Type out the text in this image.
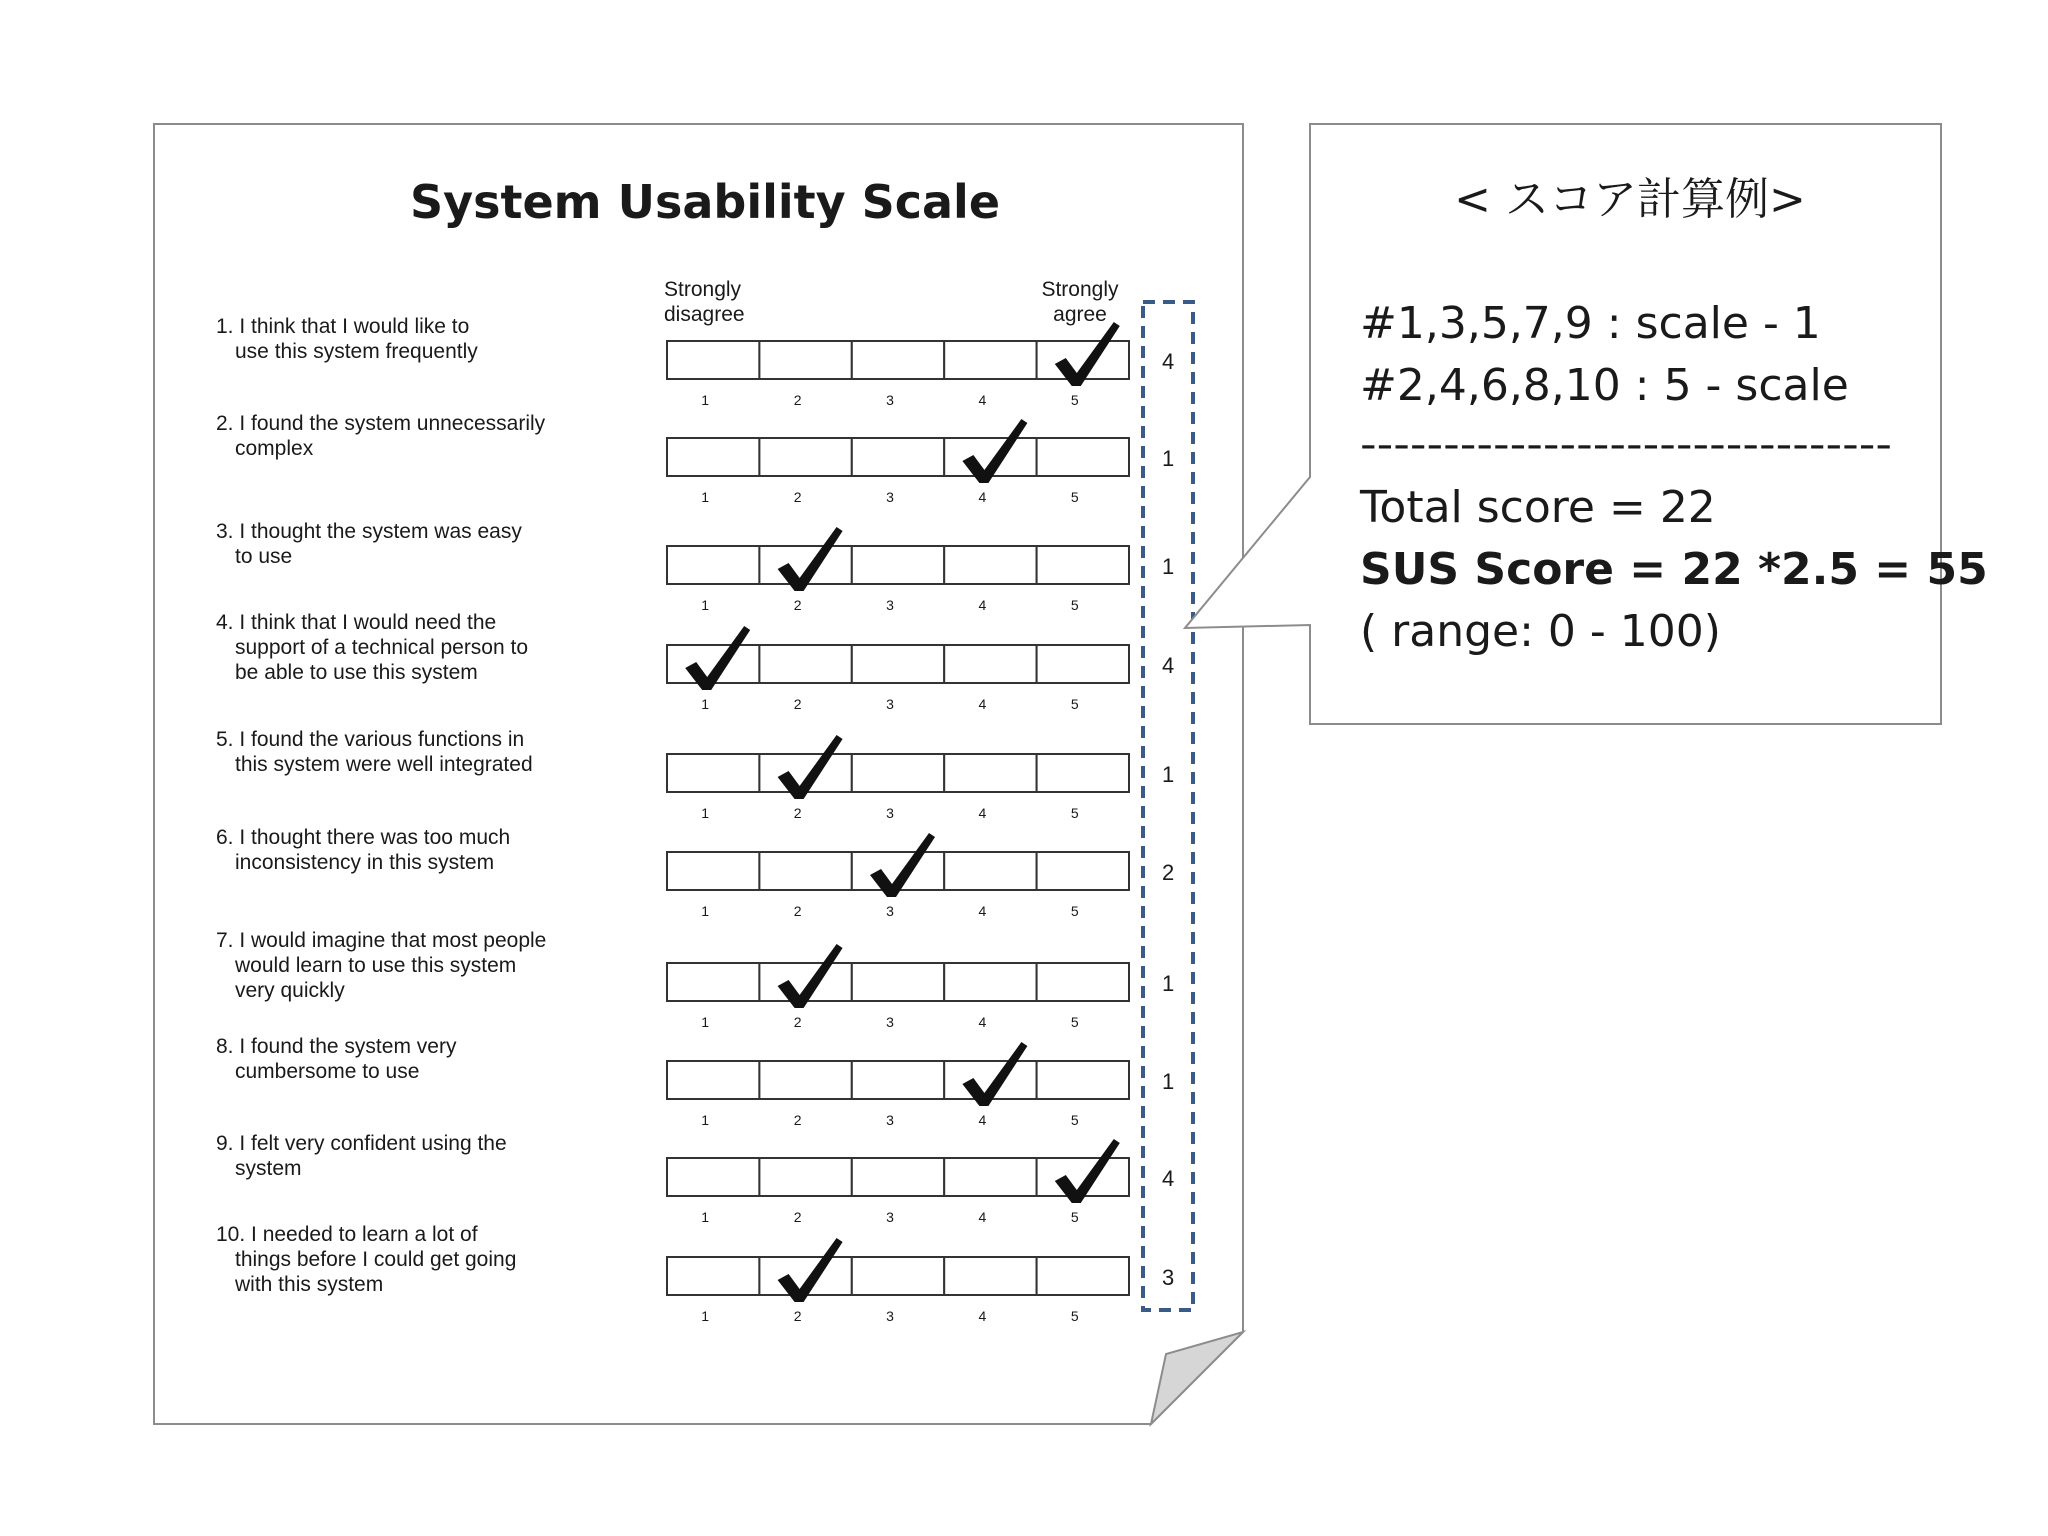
System Usability Scale
Strongly
disagree
Strongly
agree
1. I think that I would like to
use this system frequently
1	2	3	4	5
4
2. I found the system unnecessarily
complex
1	2	3	4	5
1
3. I thought the system was easy
to use
1	2	3	4	5
1
4. I think that I would need the
support of a technical person to
be able to use this system
1	2	3	4	5
4
5. I found the various functions in
this system were well integrated
1	2	3	4	5
1
6. I thought there was too much
inconsistency in this system
1	2	3	4	5
2
7. I would imagine that most people
would learn to use this system
very quickly
1	2	3	4	5
1
8. I found the system very
cumbersome to use
1	2	3	4	5
1
9. I felt very confident using the
system
1	2	3	4	5
4
10. I needed to learn a lot of
things before I could get going
with this system
1	2	3	4	5
3
< スコア計算例>
#1,3,5,7,9 : scale - 1
#2,4,6,8,10 : 5 - scale
--------------------------------
Total score = 22
SUS Score = 22 *2.5 = 55
( range: 0 - 100)
